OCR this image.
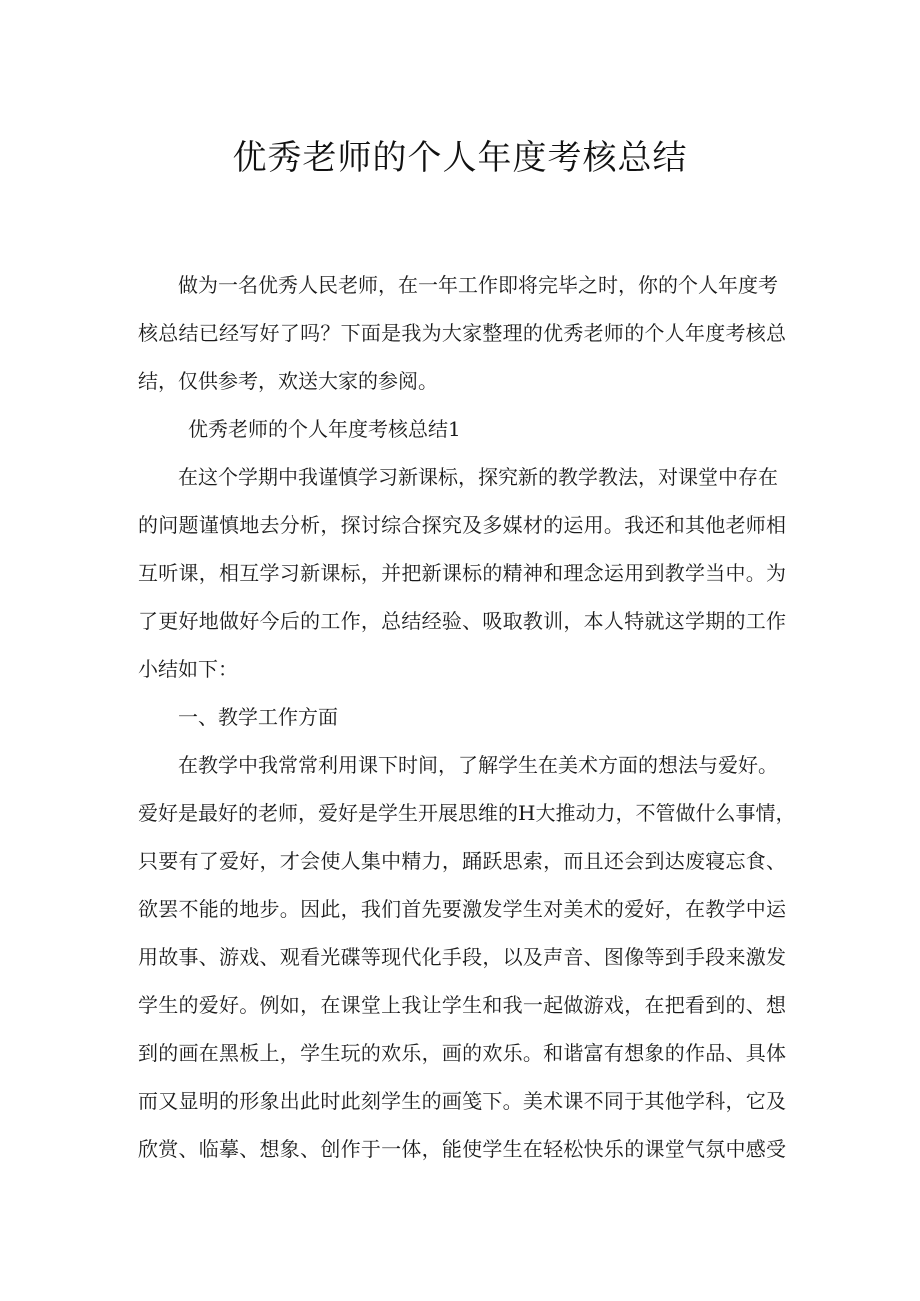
优秀老师的个人年度考核总结
做为一名优秀人民老师，在一年工作即将完毕之时，你的个人年度考
核总结已经写好了吗？下面是我为大家整理的优秀老师的个人年度考核总
结，仅供参考，欢送大家的参阅。
优秀老师的个人年度考核总结1
在这个学期中我谨慎学习新课标，探究新的教学教法，对课堂中存在
的问题谨慎地去分析，探讨综合探究及多媒材的运用。我还和其他老师相
互听课，相互学习新课标，并把新课标的精神和理念运用到教学当中。为
了更好地做好今后的工作，总结经验、吸取教训，本人特就这学期的工作
小结如下：
一、教学工作方面
在教学中我常常利用课下时间，了解学生在美术方面的想法与爱好。
爱好是最好的老师，爱好是学生开展思维的H大推动力，不管做什么事情，
只要有了爱好，才会使人集中精力，踊跃思索，而且还会到达废寝忘食、
欲罢不能的地步。因此，我们首先要激发学生对美术的爱好，在教学中运
用故事、游戏、观看光碟等现代化手段，以及声音、图像等到手段来激发
学生的爱好。例如，在课堂上我让学生和我一起做游戏，在把看到的、想
到的画在黑板上，学生玩的欢乐，画的欢乐。和谐富有想象的作品、具体
而又显明的形象出此时此刻学生的画笺下。美术课不同于其他学科，它及
欣赏、临摹、想象、创作于一体，能使学生在轻松快乐的课堂气氛中感受
